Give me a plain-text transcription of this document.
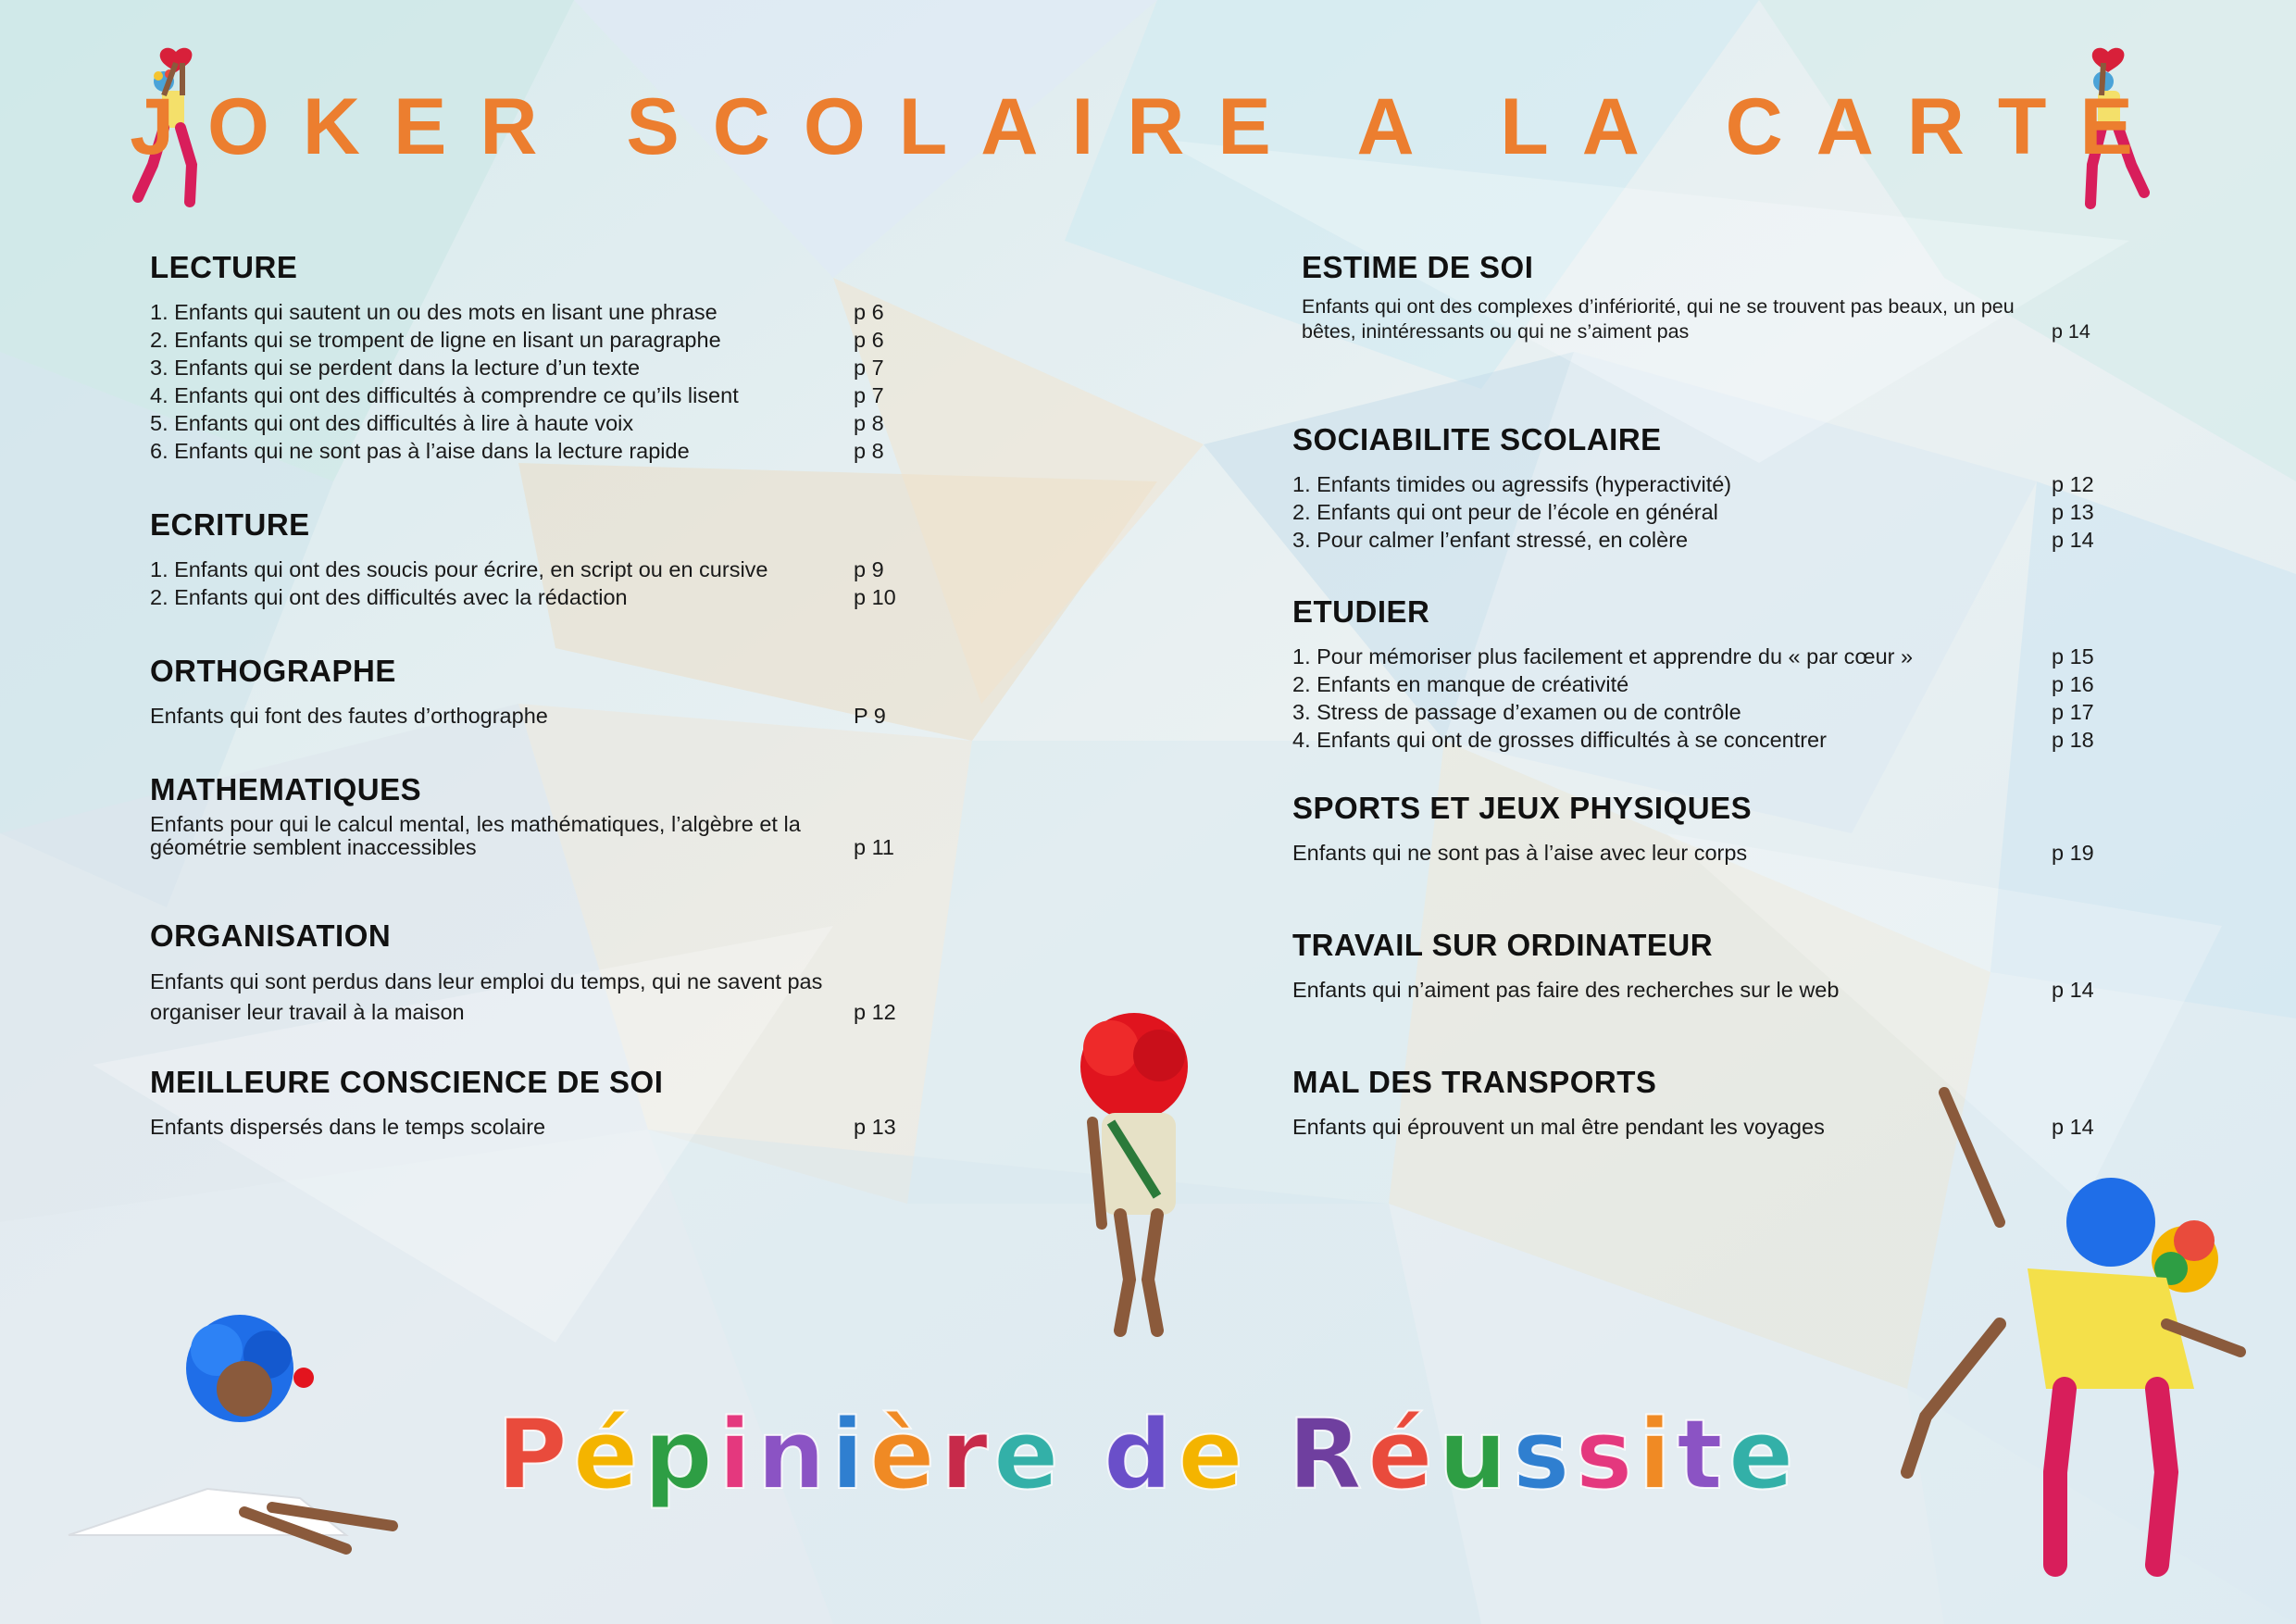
JOKER SCOLAIRE A LA CARTE
LECTURE
1. Enfants qui sautent un ou des mots en lisant une phrase	p 6
2. Enfants qui se trompent de ligne en lisant un paragraphe	p 6
3. Enfants qui se perdent dans la lecture d’un texte	p 7
4. Enfants qui ont des difficultés à comprendre ce qu’ils lisent	p 7
5. Enfants qui ont des difficultés à lire à haute voix	p 8
6. Enfants qui ne sont pas à l’aise dans la lecture rapide	p 8
ECRITURE
1. Enfants qui ont des soucis pour écrire, en script ou en cursive	p 9
2. Enfants qui ont des difficultés avec la rédaction	p 10
ORTHOGRAPHE
Enfants qui font des fautes d’orthographe	P 9
MATHEMATIQUES
Enfants pour qui le calcul mental, les mathématiques, l’algèbre et la géométrie semblent inaccessibles	p 11
ORGANISATION
Enfants qui sont perdus dans leur emploi du temps, qui ne savent pas organiser leur travail à la maison	p 12
MEILLEURE CONSCIENCE DE SOI
Enfants dispersés dans le temps scolaire	p 13
ESTIME DE SOI
Enfants qui ont des complexes d’infériorité, qui ne se trouvent pas beaux, un peu bêtes, inintéressants ou qui ne s’aiment pas	p 14
SOCIABILITE SCOLAIRE
1. Enfants timides ou agressifs (hyperactivité)	p 12
2. Enfants qui ont peur de l’école en général	p 13
3. Pour calmer l’enfant stressé, en colère	p 14
ETUDIER
1. Pour mémoriser plus facilement et apprendre du « par cœur »	p 15
2. Enfants en manque de créativité	p 16
3. Stress de passage d’examen ou de contrôle	p 17
4. Enfants qui ont de grosses difficultés à se concentrer	p 18
SPORTS ET JEUX PHYSIQUES
Enfants qui ne sont pas à l’aise avec leur corps	p 19
TRAVAIL SUR ORDINATEUR
Enfants qui n’aiment pas faire des recherches sur le web	p 14
MAL DES TRANSPORTS
Enfants qui éprouvent un mal être pendant les voyages	p 14
Pépinière de Réussite
